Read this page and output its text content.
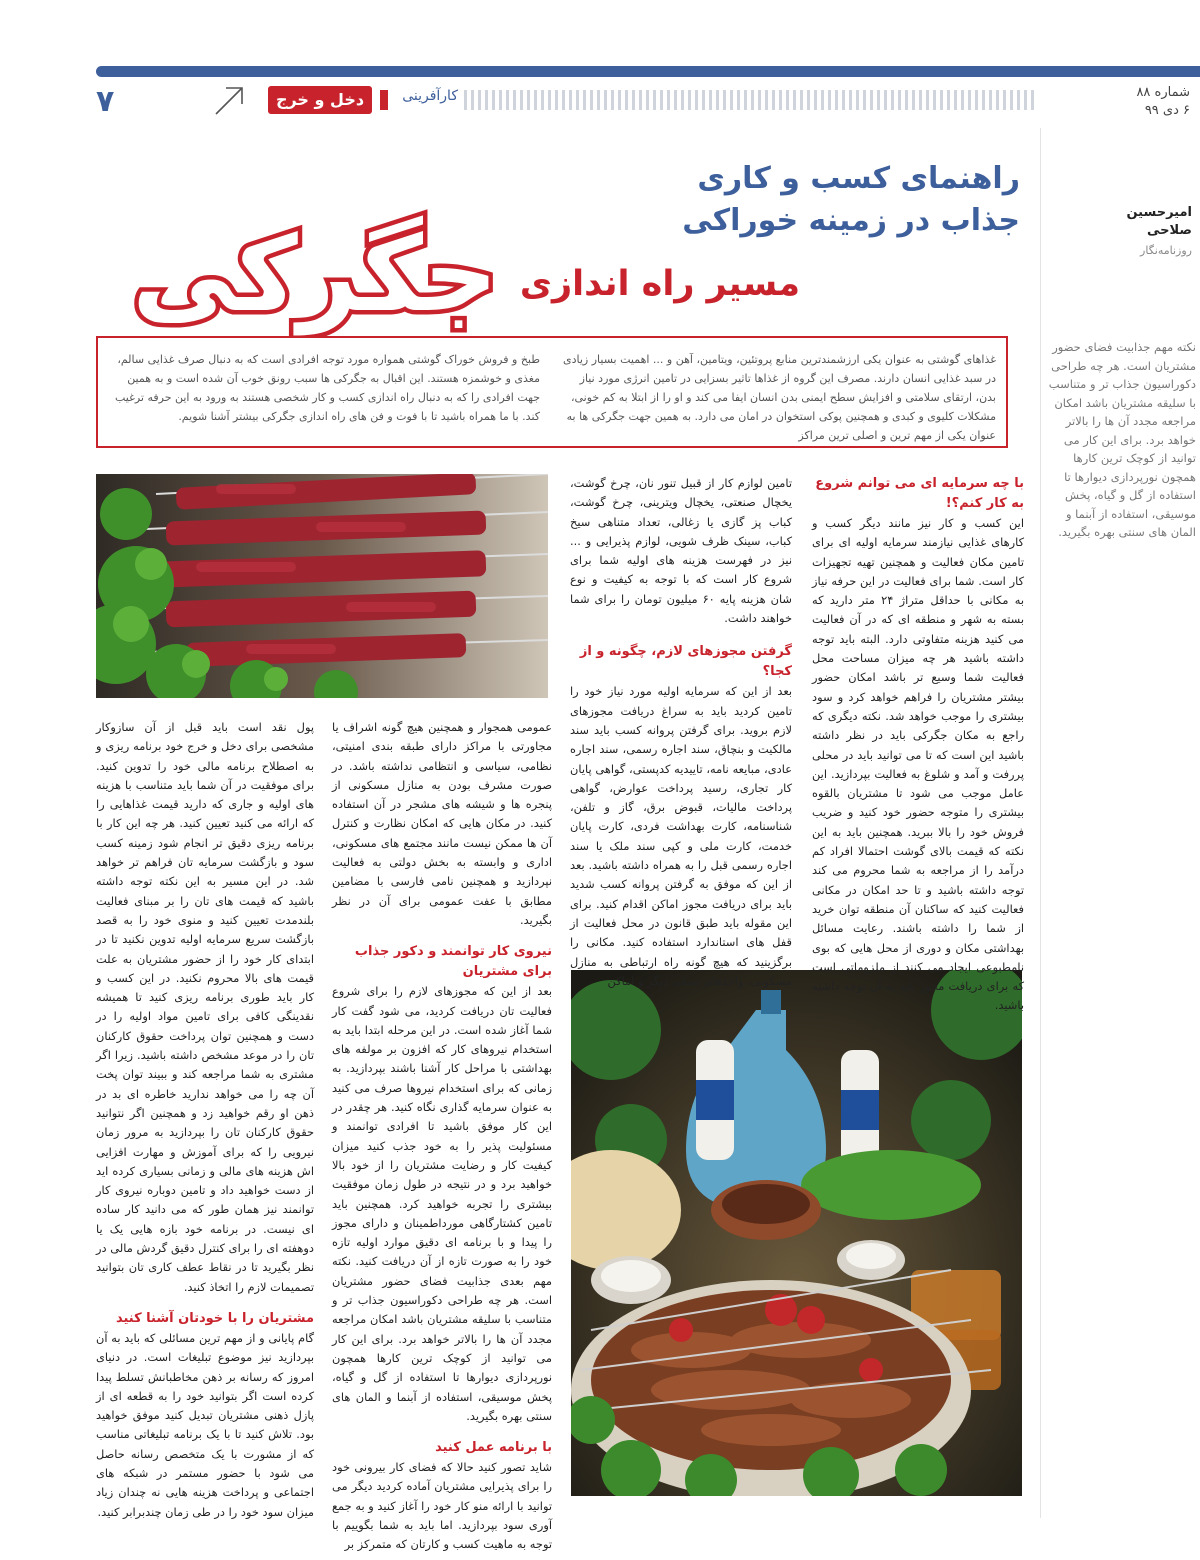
۷	دخل و خرج	کارآفرینی	شماره ۸۸
۶ دی ۹۹
امیرحسین
صلاحی
روزنامه‌نگار
نکته مهم جذابیت فضای حضور مشتریان است. هر چه طراحی دکوراسیون جذاب تر و متناسب با سلیقه مشتریان باشد امکان مراجعه مجدد آن ها را بالاتر خواهد برد. برای این کار می توانید از کوچک ترین کارها همچون نورپردازی دیوارها تا استفاده از گل و گیاه، پخش موسیقی، استفاده از آبنما و المان های سنتی بهره بگیرید.
راهنمای کسب و کاری
جذاب در زمینه خوراکی
مسیر راه اندازی
جگرکی
غذاهای گوشتی به عنوان یکی ارزشمندترین منابع پروتئین، ویتامین، آهن و ... اهمیت بسیار زیادی در سبد غذایی انسان دارند. مصرف این گروه از غذاها تاثیر بسزایی در تامین انرژی مورد نیاز بدن، ارتقای سلامتی و افزایش سطح ایمنی بدن انسان ایفا می کند و او را از ابتلا به کم خونی، مشکلات کلیوی و کبدی و همچنین پوکی استخوان در امان می دارد. به همین جهت جگرکی ها به عنوان یکی از مهم ترین و اصلی ترین مراکز
طبخ و فروش خوراک گوشتی همواره مورد توجه افرادی است که به دنبال صرف غذایی سالم، مغذی و خوشمزه هستند. این اقبال به جگرکی ها سبب رونق خوب آن شده است و به همین جهت افرادی را که به دنبال راه اندازی کسب و کار شخصی هستند به ورود به این حرفه ترغیب کند. با ما همراه باشید تا با فوت و فن های راه اندازی جگرکی بیشتر آشنا شویم.
با چه سرمایه ای می توانم شروع به کار کنم؟!

این کسب و کار نیز مانند دیگر کسب و کارهای غذایی نیازمند سرمایه اولیه ای برای تامین مکان فعالیت و همچنین تهیه تجهیزات کار است. شما برای فعالیت در این حرفه نیاز به مکانی با حداقل متراژ ۲۴ متر دارید که بسته به شهر و منطقه ای که در آن فعالیت می کنید هزینه متفاوتی دارد. البته باید توجه داشته باشید هر چه میزان مساحت محل فعالیت شما وسیع تر باشد امکان حضور بیشتر مشتریان را فراهم خواهد کرد و سود بیشتری را موجب خواهد شد. نکته دیگری که راجع به مکان جگرکی باید در نظر داشته باشید این است که تا می توانید باید در محلی پررفت و آمد و شلوغ به فعالیت بپردازید. این عامل موجب می شود تا مشتریان بالقوه بیشتری را متوجه حضور خود کنید و ضریب فروش خود را بالا ببرید. همچنین باید به این نکته که قیمت بالای گوشت احتمالا افراد کم درآمد را از مراجعه به شما محروم می کند توجه داشته باشید و تا حد امکان در مکانی فعالیت کنید که ساکنان آن منطقه توان خرید از شما را داشته باشند. رعایت مسائل بهداشتی مکان و دوری از محل هایی که بوی نامطبوعی ایجاد می کنند از ملزوماتی است که برای دریافت مجوز باید به آن توجه داشته باشید.

تامین لوازم کار از قبیل تنور نان، چرخ گوشت، یخچال صنعتی، یخچال ویترینی، چرخ گوشت، کباب پز گازی یا زغالی، تعداد متناهی سیخ کباب، سینک ظرف شویی، لوازم پذیرایی و ... نیز در فهرست هزینه های اولیه شما برای شروع کار است که با توجه به کیفیت و نوع شان هزینه پایه ۶۰ میلیون تومان را برای شما خواهند داشت.

گرفتن مجوزهای لازم، چگونه و از کجا؟

بعد از این که سرمایه اولیه مورد نیاز خود را تامین کردید باید به سراغ دریافت مجوزهای لازم بروید. برای گرفتن پروانه کسب باید سند مالکیت و بنچاق، سند اجاره رسمی، سند اجاره عادی، مبایعه نامه، تاییدیه کدپستی، گواهی پایان کار تجاری، رسید پرداخت عوارض، گواهی پرداخت مالیات، قبوض برق، گاز و تلفن، شناسنامه، کارت بهداشت فردی، کارت پایان خدمت، کارت ملی و کپی سند ملک یا سند اجاره رسمی قبل را به همراه داشته باشید. بعد از این که موفق به گرفتن پروانه کسب شدید باید برای دریافت مجوز اماکن اقدام کنید. برای این مقوله باید طبق قانون در محل فعالیت از قفل های استاندارد استفاده کنید. مکانی را برگزینید که هیچ گونه راه ارتباطی به منازل مسکونی، واحدهای صنفی دیگر و اماکن

عمومی همجوار و همچنین هیچ گونه اشراف یا مجاورتی با مراکز دارای طبقه بندی امنیتی، نظامی، سیاسی و انتظامی نداشته باشد. در صورت مشرف بودن به منازل مسکونی از پنجره ها و شیشه های مشجر در آن استفاده کنید. در مکان هایی که امکان نظارت و کنترل آن ها ممکن نیست مانند مجتمع های مسکونی، اداری و وابسته به بخش دولتی به فعالیت نپردازید و همچنین نامی فارسی با مضامین مطابق با عفت عمومی برای آن در نظر بگیرید.

نیروی کار توانمند و دکور جذاب برای مشتریان

بعد از این که مجوزهای لازم را برای شروع فعالیت تان دریافت کردید، می شود گفت کار شما آغاز شده است. در این مرحله ابتدا باید به استخدام نیروهای کار که افزون بر مولفه های بهداشتی با مراحل کار آشنا باشند بپردازید. به زمانی که برای استخدام نیروها صرف می کنید به عنوان سرمایه گذاری نگاه کنید. هر چقدر در این کار موفق باشید تا افرادی توانمند و مسئولیت پذیر را به خود جذب کنید میزان کیفیت کار و رضایت مشتریان را از خود بالا خواهید برد و در نتیجه در طول زمان موفقیت بیشتری را تجربه خواهید کرد. همچنین باید تامین کشتارگاهی مورداطمینان و دارای مجوز را پیدا و با برنامه ای دقیق موارد اولیه تازه خود را به صورت تازه از آن دریافت کنید. نکته مهم بعدی جذابیت فضای حضور مشتریان است. هر چه طراحی دکوراسیون جذاب تر و متناسب با سلیقه مشتریان باشد امکان مراجعه مجدد آن ها را بالاتر خواهد برد. برای این کار می توانید از کوچک ترین کارها همچون نورپردازی دیوارها تا استفاده از گل و گیاه، پخش موسیقی، استفاده از آبنما و المان های سنتی بهره بگیرید.

با برنامه عمل کنید

شاید تصور کنید حالا که فضای کار بیرونی خود را برای پذیرایی مشتریان آماده کردید دیگر می توانید با ارائه منو کار خود را آغاز کنید و به جمع آوری سود بپردازید. اما باید به شما بگوییم با توجه به ماهیت کسب و کارتان که متمرکز بر

پول نقد است باید قبل از آن سازوکار مشخصی برای دخل و خرج خود برنامه ریزی و به اصطلاح برنامه مالی خود را تدوین کنید. برای موفقیت در آن شما باید متناسب با هزینه های اولیه و جاری که دارید قیمت غذاهایی را که ارائه می کنید تعیین کنید. هر چه این کار با برنامه ریزی دقیق تر انجام شود زمینه کسب سود و بازگشت سرمایه تان فراهم تر خواهد شد. در این مسیر به این نکته توجه داشته باشید که قیمت های تان را بر مبنای فعالیت بلندمدت تعیین کنید و منوی خود را به قصد بازگشت سریع سرمایه اولیه تدوین نکنید تا در ابتدای کار خود را از حضور مشتریان به علت قیمت های بالا محروم نکنید. در این کسب و کار باید طوری برنامه ریزی کنید تا همیشه نقدینگی کافی برای تامین مواد اولیه را در دست و همچنین توان پرداخت حقوق کارکنان تان را در موعد مشخص داشته باشید. زیرا اگر مشتری به شما مراجعه کند و ببیند توان پخت آن چه را می خواهد ندارید خاطره ای بد در ذهن او رقم خواهید زد و همچنین اگر نتوانید حقوق کارکنان تان را بپردازید به مرور زمان نیرویی را که برای آموزش و مهارت افزایی اش هزینه های مالی و زمانی بسیاری کرده اید از دست خواهید داد و تامین دوباره نیروی کار توانمند نیز همان طور که می دانید کار ساده ای نیست. در برنامه خود بازه هایی یک یا دوهفته ای را برای کنترل دقیق گردش مالی در نظر بگیرید تا در نقاط عطف کاری تان بتوانید تصمیمات لازم را اتخاذ کنید.

مشتریان را با خودتان آشنا کنید

گام پایانی و از مهم ترین مسائلی که باید به آن بپردازید نیز موضوع تبلیغات است. در دنیای امروز که رسانه بر ذهن مخاطبانش تسلط پیدا کرده است اگر بتوانید خود را به قطعه ای از پازل ذهنی مشتریان تبدیل کنید موفق خواهید بود. تلاش کنید تا با یک برنامه تبلیغاتی مناسب که از مشورت با یک متخصص رسانه حاصل می شود با حضور مستمر در شبکه های اجتماعی و پرداخت هزینه هایی نه چندان زیاد میزان سود خود را در طی زمان چندبرابر کنید.
